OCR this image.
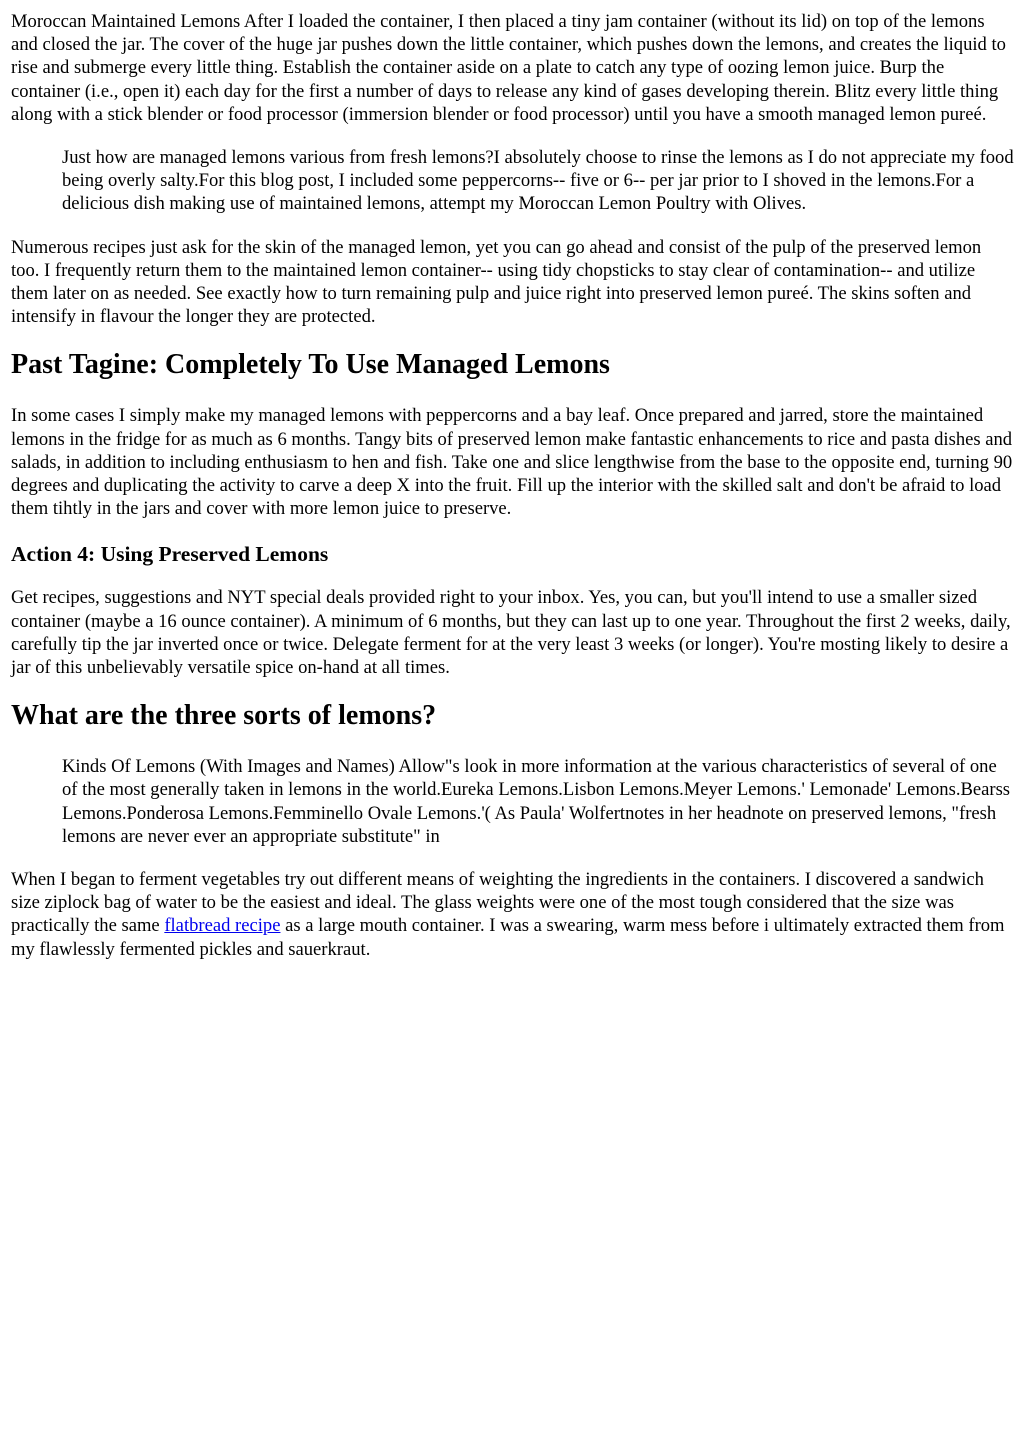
Moroccan Maintained Lemons After I loaded the container, I then placed a tiny jam container (without its lid) on top of the lemons and closed the jar. The cover of the huge jar pushes down the little container, which pushes down the lemons, and creates the liquid to rise and submerge every little thing. Establish the container aside on a plate to catch any type of oozing lemon juice. Burp the container (i.e., open it) each day for the first a number of days to release any kind of gases developing therein. Blitz every little thing along with a stick blender or food processor (immersion blender or food processor) until you have a smooth managed lemon pureé.

Just how are managed lemons various from fresh lemons?I absolutely choose to rinse the lemons as I do not appreciate my food being overly salty.For this blog post, I included some peppercorns-- five or 6-- per jar prior to I shoved in the lemons.For a delicious dish making use of maintained lemons, attempt my Moroccan Lemon Poultry with Olives.

Numerous recipes just ask for the skin of the managed lemon, yet you can go ahead and consist of the pulp of the preserved lemon too. I frequently return them to the maintained lemon container-- using tidy chopsticks to stay clear of contamination-- and utilize them later on as needed. See exactly how to turn remaining pulp and juice right into preserved lemon pureé. The skins soften and intensify in flavour the longer they are protected.

Past Tagine: Completely To Use Managed Lemons

In some cases I simply make my managed lemons with peppercorns and a bay leaf. Once prepared and jarred, store the maintained lemons in the fridge for as much as 6 months. Tangy bits of preserved lemon make fantastic enhancements to rice and pasta dishes and salads, in addition to including enthusiasm to hen and fish. Take one and slice lengthwise from the base to the opposite end, turning 90 degrees and duplicating the activity to carve a deep X into the fruit. Fill up the interior with the skilled salt and don't be afraid to load them tihtly in the jars and cover with more lemon juice to preserve.

Action 4: Using Preserved Lemons

Get recipes, suggestions and NYT special deals provided right to your inbox. Yes, you can, but you'll intend to use a smaller sized container (maybe a 16 ounce container). A minimum of 6 months, but they can last up to one year. Throughout the first 2 weeks, daily, carefully tip the jar inverted once or twice. Delegate ferment for at the very least 3 weeks (or longer). You're mosting likely to desire a jar of this unbelievably versatile spice on-hand at all times.

What are the three sorts of lemons?
Kinds Of Lemons (With Images and Names) Allow"s look in more information at the various characteristics of several of one of the most generally taken in lemons in the world.Eureka Lemons.Lisbon Lemons.Meyer Lemons.' Lemonade' Lemons.Bearss Lemons.Ponderosa Lemons.Femminello Ovale Lemons.'( As Paula' Wolfertnotes in her headnote on preserved lemons, "fresh lemons are never ever an appropriate substitute" in

When I began to ferment vegetables try out different means of weighting the ingredients in the containers. I discovered a sandwich size ziplock bag of water to be the easiest and ideal. The glass weights were one of the most tough considered that the size was practically the same flatbread recipe as a large mouth container. I was a swearing, warm mess before i ultimately extracted them from my flawlessly fermented pickles and sauerkraut.
